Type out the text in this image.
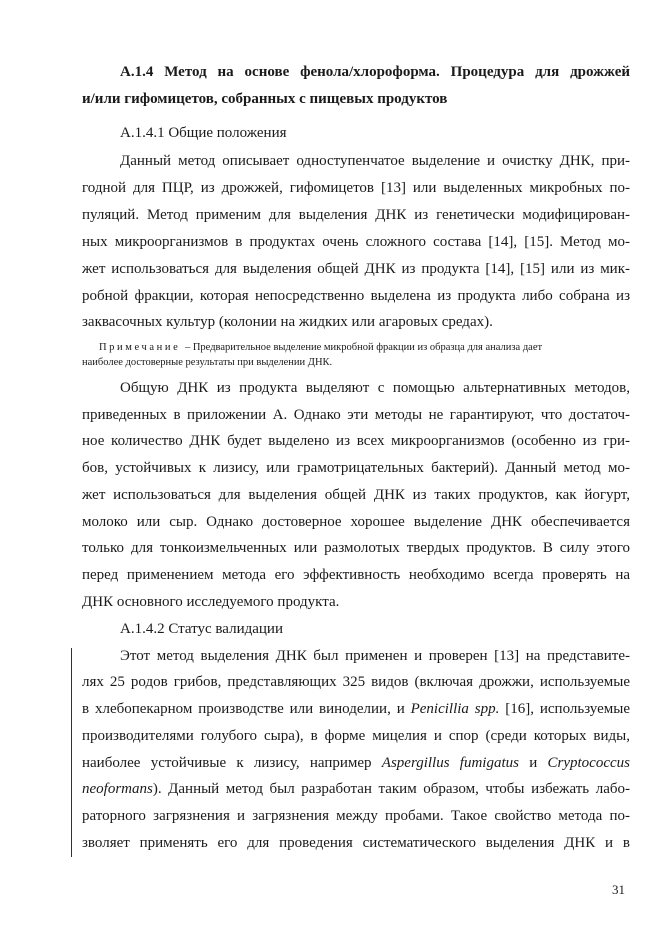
А.1.4 Метод на основе фенола/хлороформа. Процедура для дрожжей

и/или гифомицетов, собранных с пищевых продуктов

А.1.4.1 Общие положения

Данный метод описывает одноступенчатое выделение и очистку ДНК, при-

годной для ПЦР, из дрожжей, гифомицетов [13] или выделенных микробных по-

пуляций. Метод применим для выделения ДНК из генетически модифицирован-

ных микроорганизмов в продуктах очень сложного состава [14], [15]. Метод мо-

жет использоваться для выделения общей ДНК из продукта [14], [15] или из мик-

робной фракции, которая непосредственно выделена из продукта либо собрана из

заквасочных культур (колонии на жидких или агаровых средах).

Примечание – Предварительное выделение микробной фракции из образца для анализа дает

наиболее достоверные результаты при выделении ДНК.

Общую ДНК из продукта выделяют с помощью альтернативных методов,

приведенных в приложении А. Однако эти методы не гарантируют, что достаточ-

ное количество ДНК будет выделено из всех микроорганизмов (особенно из гри-

бов, устойчивых к лизису, или грамотрицательных бактерий). Данный метод мо-

жет использоваться для выделения общей ДНК из таких продуктов, как йогурт,

молоко или сыр. Однако достоверное хорошее выделение ДНК обеспечивается

только для тонкоизмельченных или размолотых твердых продуктов. В силу этого

перед применением метода его эффективность необходимо всегда проверять на

ДНК основного исследуемого продукта.

А.1.4.2 Статус валидации

Этот метод выделения ДНК был применен и проверен [13] на представите-

лях 25 родов грибов, представляющих 325 видов (включая дрожжи, используемые

в хлебопекарном производстве или виноделии, и Penicillia spp. [16], используемые

производителями голубого сыра), в форме мицелия и спор (среди которых виды,

наиболее устойчивые к лизису, например Aspergillus fumigatus и Cryptococcus

neoformans). Данный метод был разработан таким образом, чтобы избежать лабо-

раторного загрязнения и загрязнения между пробами. Такое свойство метода по-

зволяет применять его для проведения систематического выделения ДНК и в

31
